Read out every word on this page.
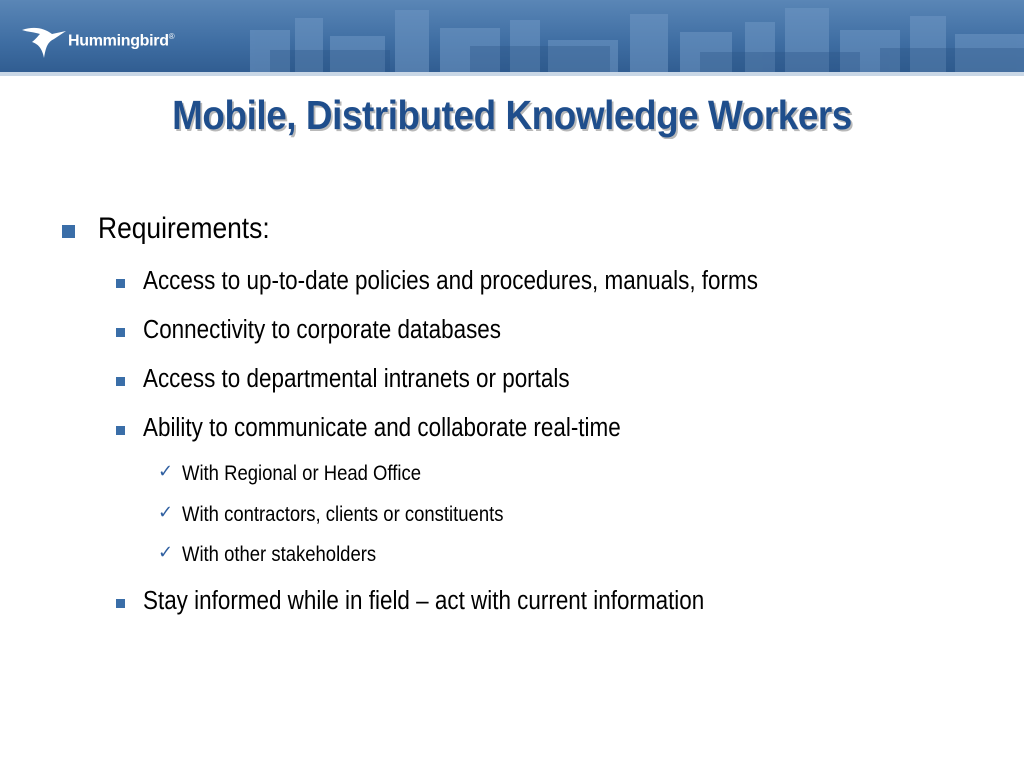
Hummingbird®
Mobile, Distributed Knowledge Workers
Requirements:
Access to up-to-date policies and procedures, manuals, forms
Connectivity to corporate databases
Access to departmental intranets or portals
Ability to communicate and collaborate real-time
✓ With Regional or Head Office
✓ With contractors, clients or constituents
✓ With other stakeholders
Stay informed while in field – act with current information
